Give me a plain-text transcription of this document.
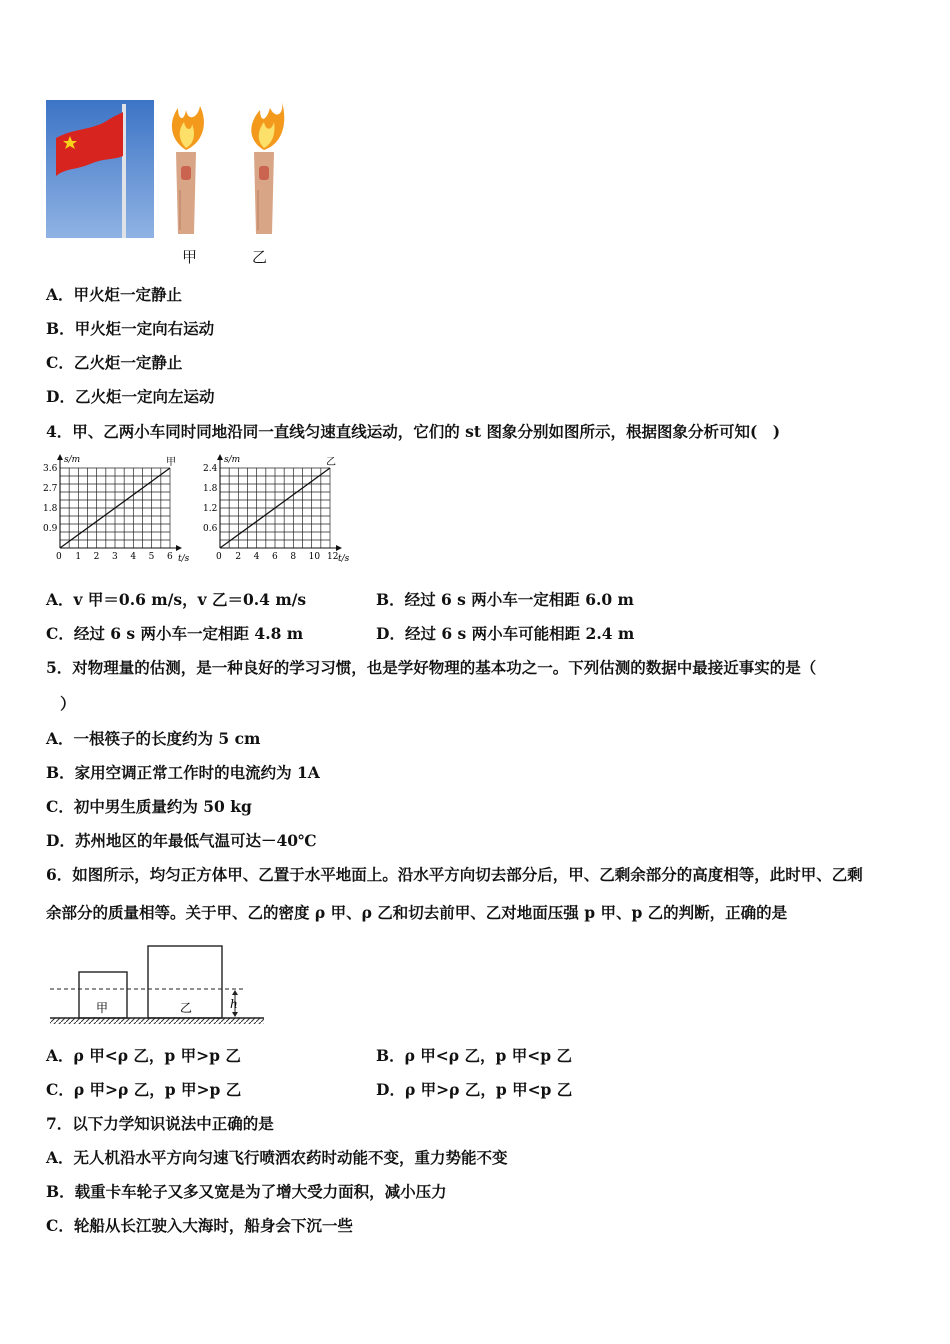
甲	乙
A．甲火炬一定静止
B．甲火炬一定向右运动
C．乙火炬一定静止
D．乙火炬一定向左运动
4．甲、乙两小车同时同地沿同一直线匀速直线运动，它们的 st 图象分别如图所示，根据图象分析可知(　)
0 1 2 3 4 5 6
0.9
1.8
2.7
3.6
s/m
t/s
甲
0 2 4 6 8 10 12
0.6
1.2
1.8
2.4
s/m
t/s
乙
A．v 甲＝0.6 m/s，v 乙＝0.4 m/s	B．经过 6 s 两小车一定相距 6.0 m
C．经过 6 s 两小车一定相距 4.8 m	D．经过 6 s 两小车可能相距 2.4 m
5．对物理量的估测，是一种良好的学习习惯，也是学好物理的基本功之一。下列估测的数据中最接近事实的是（
）
A．一根筷子的长度约为 5 cm
B．家用空调正常工作时的电流约为 1A
C．初中男生质量约为 50 kg
D．苏州地区的年最低气温可达－40℃
6．如图所示，均匀正方体甲、乙置于水平地面上。沿水平方向切去部分后，甲、乙剩余部分的高度相等，此时甲、乙剩
余部分的质量相等。关于甲、乙的密度 ρ 甲、ρ 乙和切去前甲、乙对地面压强 p 甲、p 乙的判断，正确的是
甲	乙	h
A．ρ 甲<ρ 乙，p 甲>p 乙	B．ρ 甲<ρ 乙，p 甲<p 乙
C．ρ 甲>ρ 乙，p 甲>p 乙	D．ρ 甲>ρ 乙，p 甲<p 乙
7．以下力学知识说法中正确的是
A．无人机沿水平方向匀速飞行喷洒农药时动能不变，重力势能不变
B．载重卡车轮子又多又宽是为了增大受力面积，减小压力
C．轮船从长江驶入大海时，船身会下沉一些
